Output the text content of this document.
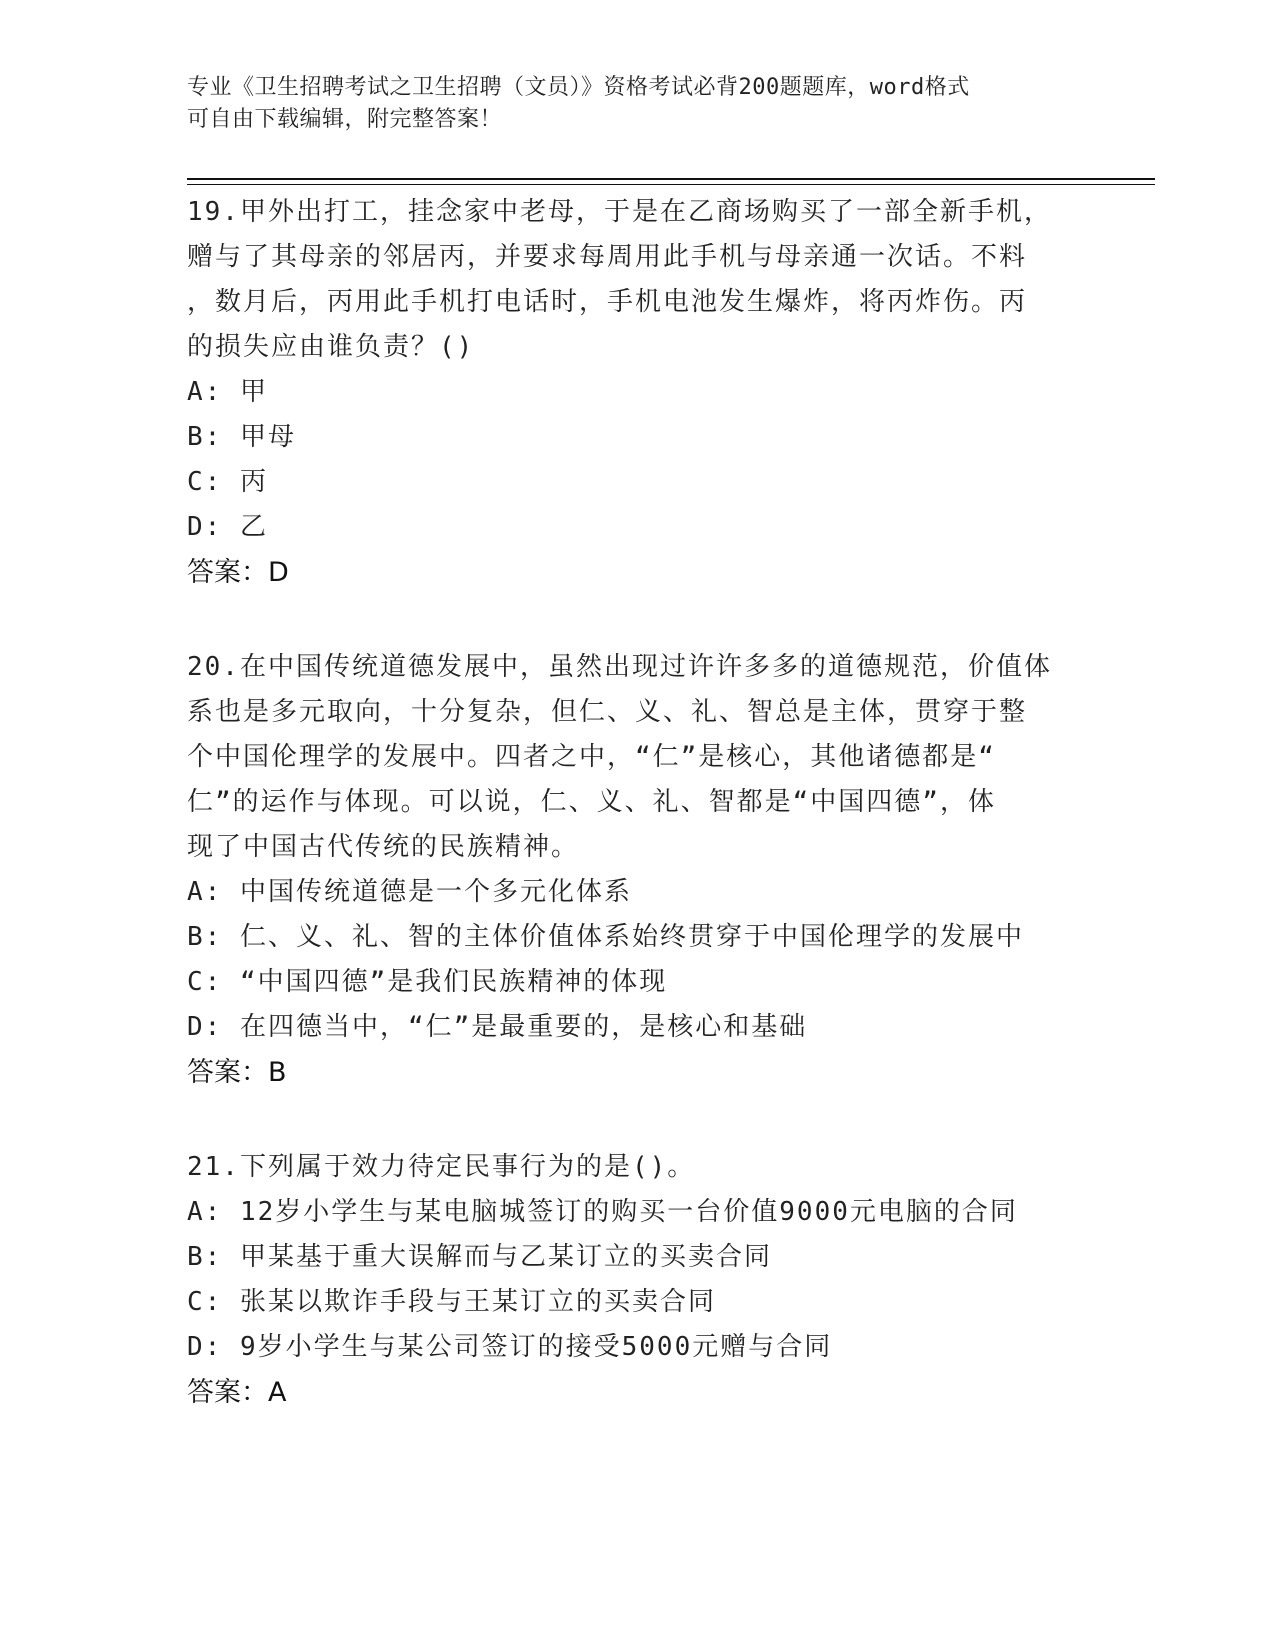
专业《卫生招聘考试之卫生招聘（文员）》资格考试必背200题题库，word格式
可自由下载编辑，附完整答案！
19.甲外出打工，挂念家中老母，于是在乙商场购买了一部全新手机，
赠与了其母亲的邻居丙，并要求每周用此手机与母亲通一次话。不料
，数月后，丙用此手机打电话时，手机电池发生爆炸，将丙炸伤。丙
的损失应由谁负责？()
A: 甲
B: 甲母
C: 丙
D: 乙
答案：D
20.在中国传统道德发展中，虽然出现过许许多多的道德规范，价值体
系也是多元取向，十分复杂，但仁、义、礼、智总是主体，贯穿于整
个中国伦理学的发展中。四者之中，“仁”是核心，其他诸德都是“
仁”的运作与体现。可以说，仁、义、礼、智都是“中国四德”，体
现了中国古代传统的民族精神。
A: 中国传统道德是一个多元化体系
B: 仁、义、礼、智的主体价值体系始终贯穿于中国伦理学的发展中
C: “中国四德”是我们民族精神的体现
D: 在四德当中，“仁”是最重要的，是核心和基础
答案：B
21.下列属于效力待定民事行为的是()。
A: 12岁小学生与某电脑城签订的购买一台价值9000元电脑的合同
B: 甲某基于重大误解而与乙某订立的买卖合同
C: 张某以欺诈手段与王某订立的买卖合同
D: 9岁小学生与某公司签订的接受5000元赠与合同
答案：A
